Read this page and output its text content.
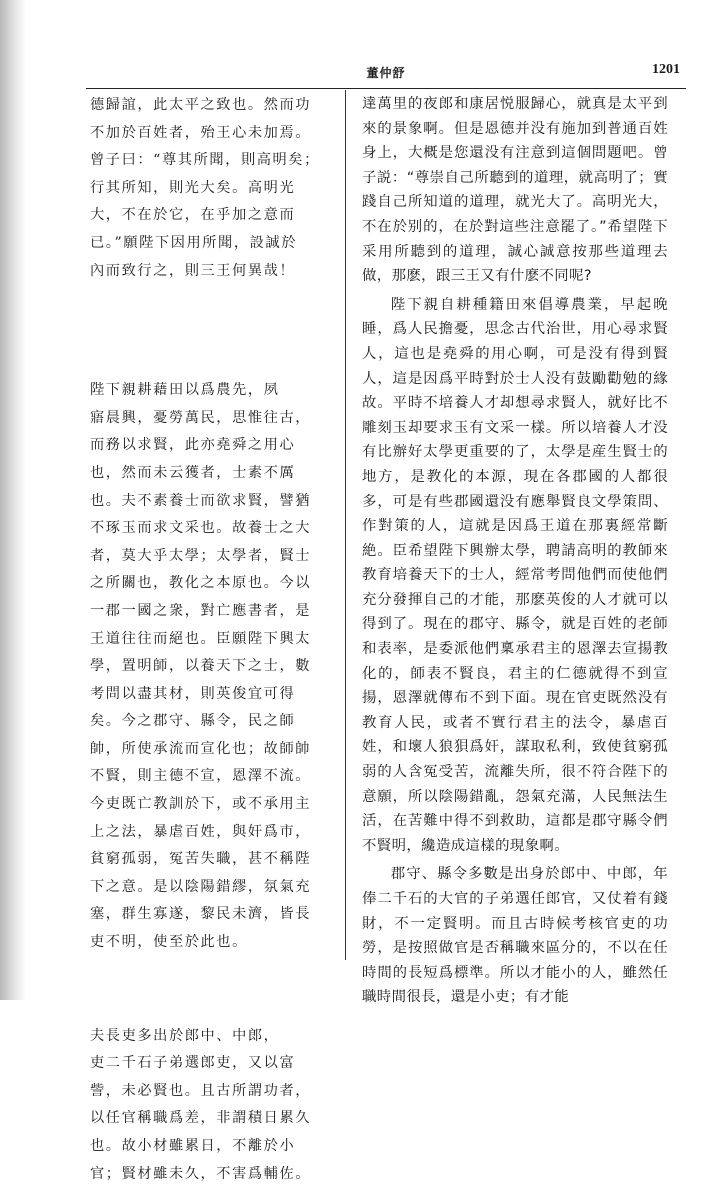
董仲舒	1201

德歸誼，此太平之致也。然而功
不加於百姓者，殆王心未加焉。
曾子曰：“尊其所聞，則高明矣；
行其所知，則光大矣。高明光
大，不在於它，在乎加之意而
已。”願陛下因用所聞，設誠於
內而致行之，則三王何異哉！

陛下親耕藉田以爲農先，夙
寤晨興，憂勞萬民，思惟往古，
而務以求賢，此亦堯舜之用心
也，然而未云獲者，士素不厲
也。夫不素養士而欲求賢，譬猶
不琢玉而求文采也。故養士之大
者，莫大乎太學；太學者，賢士
之所關也，教化之本原也。今以
一郡一國之衆，對亡應書者，是
王道往往而絕也。臣願陛下興太
學，置明師，以養天下之士，數
考問以盡其材，則英俊宜可得
矣。今之郡守、縣令，民之師
帥，所使承流而宣化也；故師帥
不賢，則主德不宣，恩澤不流。
今吏既亡教訓於下，或不承用主
上之法，暴虐百姓，與奸爲市，
貧窮孤弱，冤苦失職，甚不稱陛
下之意。是以陰陽錯繆，氛氣充
塞，群生寡遂，黎民未濟，皆長
吏不明，使至於此也。

夫長吏多出於郎中、中郎，
吏二千石子弟選郎吏，又以富
訾，未必賢也。且古所謂功者，
以任官稱職爲差，非謂積日累久
也。故小材雖累日，不離於小
官；賢材雖未久，不害爲輔佐。

達萬里的夜郎和康居悦服歸心，就真是太平到來的景象啊。但是恩德并没有施加到普通百姓身上，大概是您還没有注意到這個問題吧。曾子説：“尊崇自己所聽到的道理，就高明了；實踐自己所知道的道理，就光大了。高明光大，不在於别的，在於對這些注意罷了。”希望陛下采用所聽到的道理，誠心誠意按那些道理去做，那麽，跟三王又有什麽不同呢?

陛下親自耕種籍田來倡導農業，早起晚睡，爲人民擔憂，思念古代治世，用心尋求賢人，這也是堯舜的用心啊，可是没有得到賢人，這是因爲平時對於士人没有鼓勵勸勉的緣故。平時不培養人才却想尋求賢人，就好比不雕刻玉却要求玉有文采一樣。所以培養人才没有比辦好太學更重要的了，太學是産生賢士的地方，是教化的本源，現在各郡國的人都很多，可是有些郡國還没有應舉賢良文學策問、作對策的人，這就是因爲王道在那裏經常斷絶。臣希望陛下興辦太學，聘請高明的教師來教育培養天下的士人，經常考問他們而使他們充分發揮自己的才能，那麽英俊的人才就可以得到了。現在的郡守、縣令，就是百姓的老師和表率，是委派他們稟承君主的恩澤去宣揚教化的，師表不賢良，君主的仁德就得不到宣揚，恩澤就傳布不到下面。現在官吏既然没有教育人民，或者不實行君主的法令，暴虐百姓，和壞人狼狽爲奸，謀取私利，致使貧窮孤弱的人含冤受苦，流離失所，很不符合陛下的意願，所以陰陽錯亂，怨氣充滿，人民無法生活，在苦難中得不到救助，這都是郡守縣令們不賢明，纔造成這樣的現象啊。

郡守、縣令多數是出身於郎中、中郎，年俸二千石的大官的子弟選任郎官，又仗着有錢財，不一定賢明。而且古時候考核官吏的功勞，是按照做官是否稱職來區分的，不以在任時間的長短爲標準。所以才能小的人，雖然任職時間很長，還是小吏；有才能
